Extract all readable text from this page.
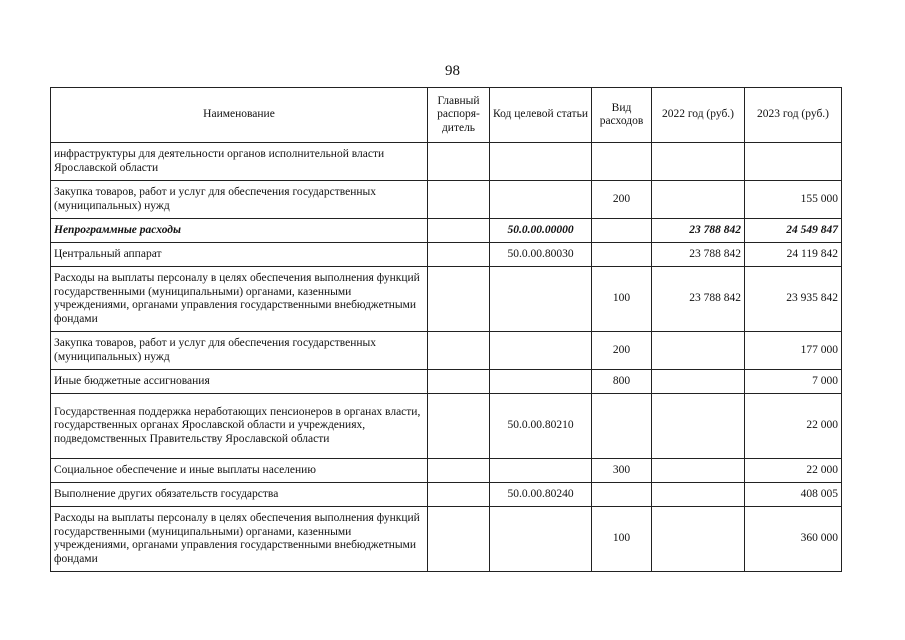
98
Наименование	Главный распоря-дитель	Код целевой статьи	Вид расходов	2022 год (руб.)	2023 год (руб.)
инфраструктуры для деятельности органов исполнительной власти Ярославской области					
Закупка товаров, работ и услуг для обеспечения государственных (муниципальных) нужд			200		155 000
Непрограммные расходы		50.0.00.00000		23 788 842	24 549 847
Центральный аппарат		50.0.00.80030		23 788 842	24 119 842
Расходы на выплаты персоналу в целях обеспечения выполнения функций государственными (муниципальными) органами, казенными учреждениями, органами управления государственными внебюджетными фондами			100	23 788 842	23 935 842
Закупка товаров, работ и услуг для обеспечения государственных (муниципальных) нужд			200		177 000
Иные бюджетные ассигнования			800		7 000
Государственная поддержка неработающих пенсионеров в органах власти, государственных органах Ярославской области и учреждениях, подведомственных Правительству Ярославской области		50.0.00.80210			22 000
Социальное обеспечение и иные выплаты населению			300		22 000
Выполнение других обязательств государства		50.0.00.80240			408 005
Расходы на выплаты персоналу в целях обеспечения выполнения функций государственными (муниципальными) органами, казенными учреждениями, органами управления государственными внебюджетными фондами			100		360 000
